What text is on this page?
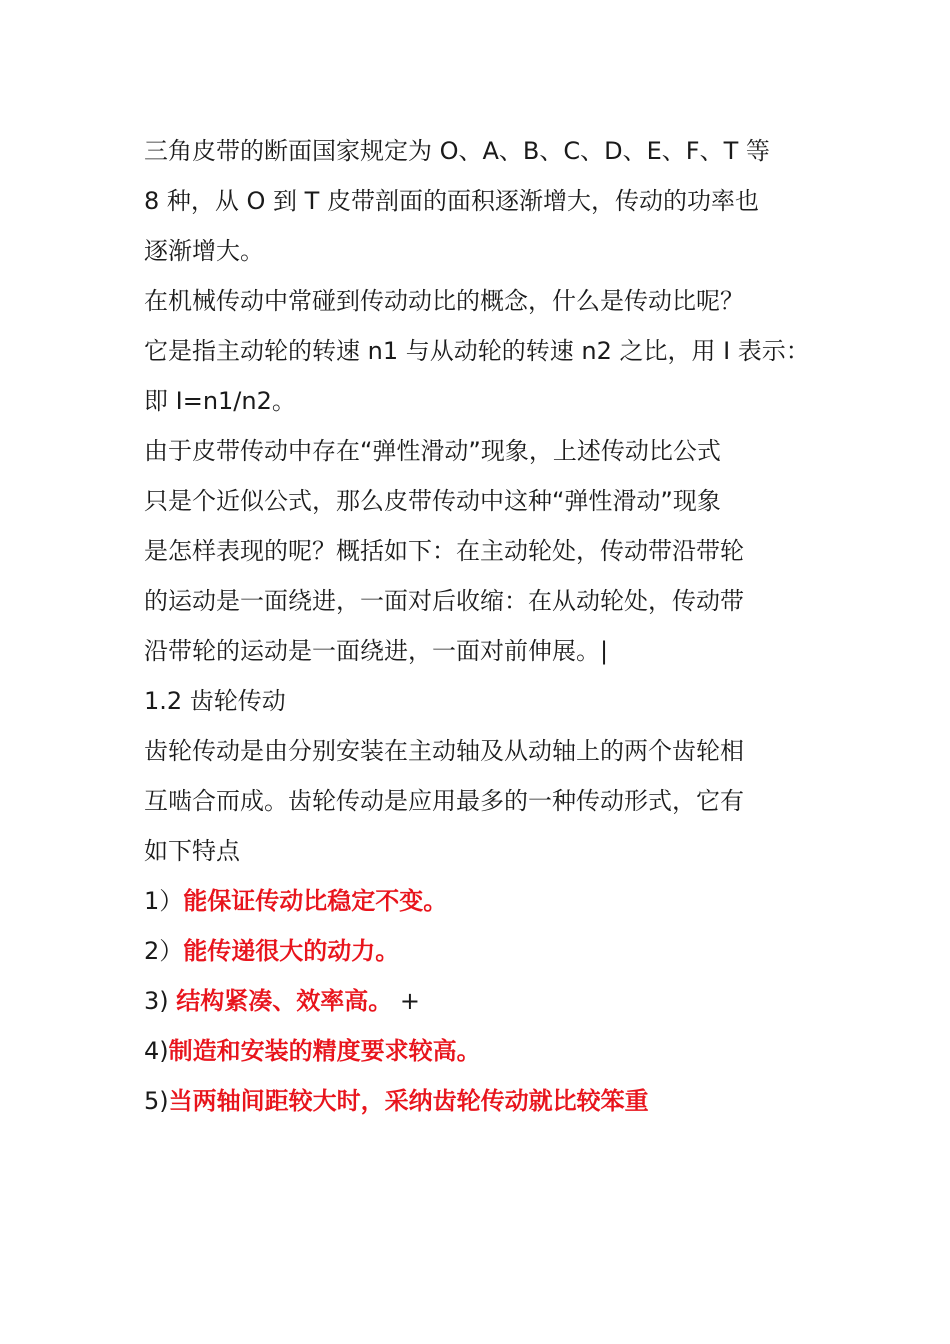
三角皮带的断面国家规定为 O、A、B、C、D、E、F、T 等
8 种，从 O 到 T 皮带剖面的面积逐渐增大，传动的功率也
逐渐增大。
在机械传动中常碰到传动动比的概念，什么是传动比呢？
它是指主动轮的转速 n1 与从动轮的转速 n2 之比，用 I 表示：
即 I=n1/n2。
由于皮带传动中存在“弹性滑动”现象，上述传动比公式
只是个近似公式，那么皮带传动中这种“弹性滑动”现象
是怎样表现的呢？概括如下：在主动轮处，传动带沿带轮
的运动是一面绕进，一面对后收缩：在从动轮处，传动带
沿带轮的运动是一面绕进，一面对前伸展。|
1.2 齿轮传动
齿轮传动是由分别安装在主动轴及从动轴上的两个齿轮相
互啮合而成。齿轮传动是应用最多的一种传动形式，它有
如下特点
1）能保证传动比稳定不变。
2）能传递很大的动力。
3) 结构紧凑、效率高。 +
4)制造和安装的精度要求较高。
5)当两轴间距较大时，采纳齿轮传动就比较笨重
